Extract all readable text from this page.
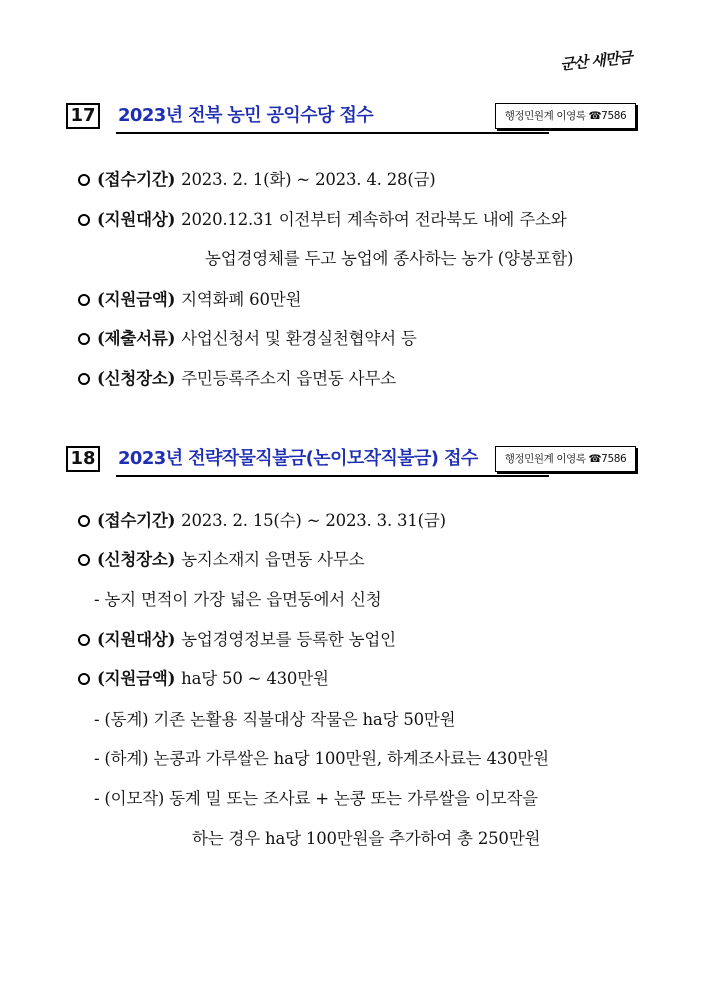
군산 새만금
17 2023년 전북 농민 공익수당 접수	행정민원계 이영록 ☎7586
(접수기간) 2023. 2. 1(화) ~ 2023. 4. 28(금)
(지원대상) 2020.12.31 이전부터 계속하여 전라북도 내에 주소와
농업경영체를 두고 농업에 종사하는 농가 (양봉포함)
(지원금액) 지역화폐 60만원
(제출서류) 사업신청서 및 환경실천협약서 등
(신청장소) 주민등록주소지 읍면동 사무소
18 2023년 전략작물직불금(논이모작직불금) 접수	행정민원계 이영록 ☎7586
(접수기간) 2023. 2. 15(수) ~ 2023. 3. 31(금)
(신청장소) 농지소재지 읍면동 사무소
- 농지 면적이 가장 넓은 읍면동에서 신청
(지원대상) 농업경영정보를 등록한 농업인
(지원금액) ha당 50 ~ 430만원
- (동계) 기존 논활용 직불대상 작물은 ha당 50만원
- (하계) 논콩과 가루쌀은 ha당 100만원, 하계조사료는 430만원
- (이모작) 동계 밀 또는 조사료 + 논콩 또는 가루쌀을 이모작을
하는 경우 ha당 100만원을 추가하여 총 250만원
